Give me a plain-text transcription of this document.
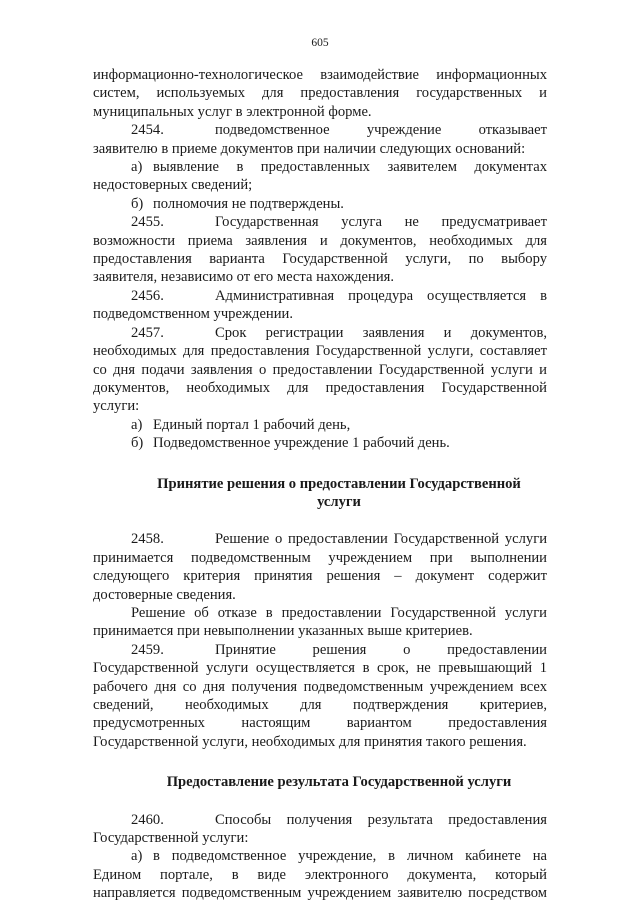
605

информационно-технологическое взаимодействие информационных

систем, используемых для предоставления государственных и

муниципальных услуг в электронной форме.

2454.	подведомственное учреждение отказывает

заявителю в приеме документов при наличии следующих оснований:

а) выявление в предоставленных заявителем документах

недостоверных сведений;

б) полномочия не подтверждены.
2455.	Государственная услуга не предусматривает

возможности приема заявления и документов, необходимых для

предоставления варианта Государственной услуги, по выбору

заявителя, независимо от его места нахождения.

2456.	Административная процедура осуществляется в

подведомственном учреждении.

2457.	Срок регистрации заявления и документов,

необходимых для предоставления Государственной услуги, составляет

со дня подачи заявления о предоставлении Государственной услуги и

документов, необходимых для предоставления Государственной

услуги:

а) Единый портал 1 рабочий день,
б) Подведомственное учреждение 1 рабочий день.

Принятие решения о предоставлении Государственной

услуги

2458.	Решение о предоставлении Государственной услуги

принимается подведомственным учреждением при выполнении

следующего критерия принятия решения – документ содержит

достоверные сведения.

Решение об отказе в предоставлении Государственной услуги

принимается при невыполнении указанных выше критериев.

2459.	Принятие решения о предоставлении

Государственной услуги осуществляется в срок, не превышающий 1

рабочего дня со дня получения подведомственным учреждением всех

сведений, необходимых для подтверждения критериев,

предусмотренных настоящим вариантом предоставления

Государственной услуги, необходимых для принятия такого решения.

Предоставление результата Государственной услуги

2460.	Способы получения результата предоставления

Государственной услуги:

а) в подведомственное учреждение, в личном кабинете на

Едином портале, в виде электронного документа, который

направляется подведомственным учреждением заявителю посредством
